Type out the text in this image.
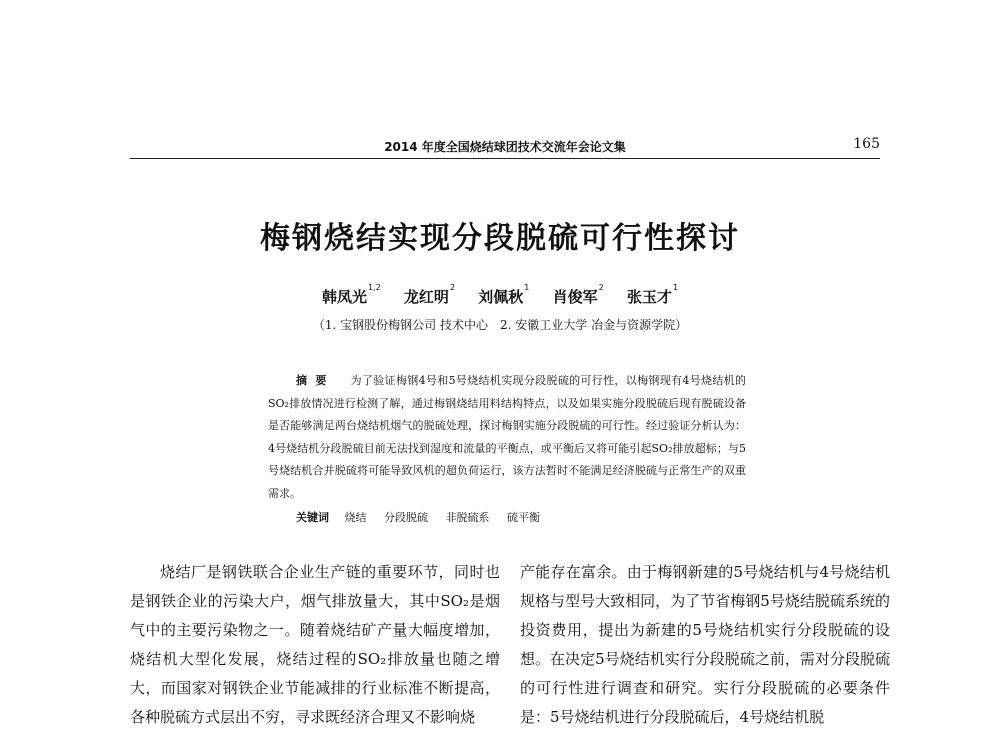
2014 年度全国烧结球团技术交流年会论文集	165
梅钢烧结实现分段脱硫可行性探讨
韩凤光$^{1,2}$ 龙红明$^2$ 刘佩秋$^1$ 肖俊军$^2$ 张玉才$^1$
（1. 宝钢股份梅钢公司 技术中心　2. 安徽工业大学 冶金与资源学院）
摘要 为了验证梅钢4号和5号烧结机实现分段脱硫的可行性，以梅钢现有4号烧结机的SO₂排放情况进行检测了解，通过梅钢烧结用料结构特点，以及如果实施分段脱硫后现有脱硫设备是否能够满足两台烧结机烟气的脱硫处理，探讨梅钢实施分段脱硫的可行性。经过验证分析认为：4号烧结机分段脱硫目前无法找到湿度和流量的平衡点，或平衡后又将可能引起SO₂排放超标；与5号烧结机合并脱硫将可能导致风机的超负荷运行，该方法暂时不能满足经济脱硫与正常生产的双重需求。
关键词 烧结 分段脱硫 非脱硫系 硫平衡

烧结厂是钢铁联合企业生产链的重要环节，同时也是钢铁企业的污染大户，烟气排放量大，其中SO₂是烟气中的主要污染物之一。随着烧结矿产量大幅度增加，烧结机大型化发展，烧结过程的SO₂排放量也随之增大，而国家对钢铁企业节能减排的行业标准不断提高，各种脱硫方式层出不穷，寻求既经济合理又不影响烧

产能存在富余。由于梅钢新建的5号烧结机与4号烧结机规格与型号大致相同，为了节省梅钢5号烧结脱硫系统的投资费用，提出为新建的5号烧结机实行分段脱硫的设想。在决定5号烧结机实行分段脱硫之前，需对分段脱硫的可行性进行调查和研究。实行分段脱硫的必要条件是：5号烧结机进行分段脱硫后，4号烧结机脱
